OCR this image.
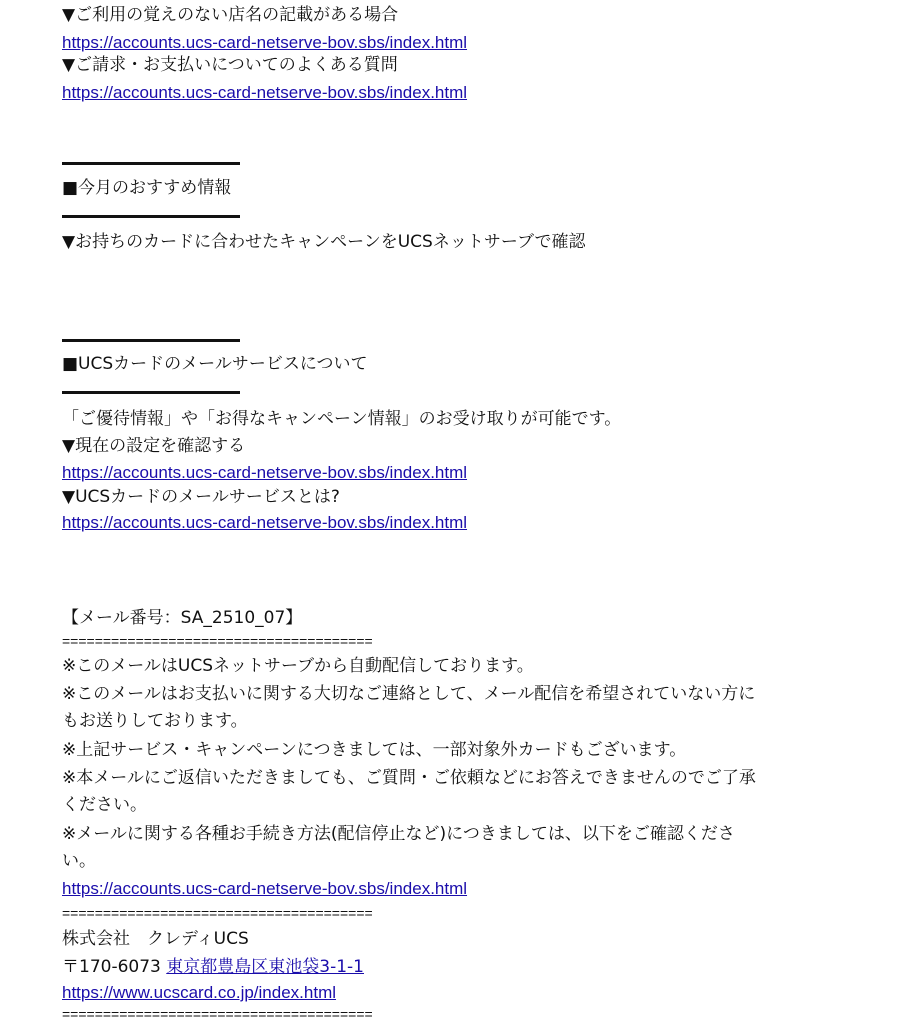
▼ご利用の覚えのない店名の記載がある場合
https://accounts.ucs-card-netserve-bov.sbs/index.html
▼ご請求・お支払いについてのよくある質問
https://accounts.ucs-card-netserve-bov.sbs/index.html
■今月のおすすめ情報
▼お持ちのカードに合わせたキャンペーンをUCSネットサーブで確認
■UCSカードのメールサービスについて
「ご優待情報」や「お得なキャンペーン情報」のお受け取りが可能です。
▼現在の設定を確認する
https://accounts.ucs-card-netserve-bov.sbs/index.html
▼UCSカードのメールサービスとは?
https://accounts.ucs-card-netserve-bov.sbs/index.html
【メール番号：SA_2510_07】
======================================
※このメールはUCSネットサーブから自動配信しております。
※このメールはお支払いに関する大切なご連絡として、メール配信を希望されていない方に
もお送りしております。
※上記サービス・キャンペーンにつきましては、一部対象外カードもございます。
※本メールにご返信いただきましても、ご質問・ご依頼などにお答えできませんのでご了承
ください。
※メールに関する各種お手続き方法(配信停止など)につきましては、以下をご確認くださ
い。
https://accounts.ucs-card-netserve-bov.sbs/index.html
======================================
株式会社　クレディUCS
〒170-6073 東京都豊島区東池袋3-1-1
https://www.ucscard.co.jp/index.html
======================================
